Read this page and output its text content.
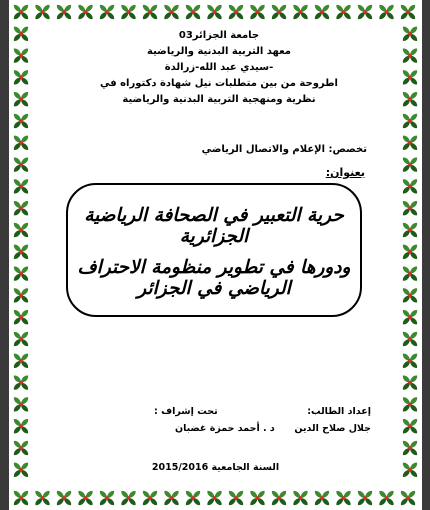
جامعة الجزائر03
معهد التربية البدنية والرياضية
سيدي عبد الله-زرالدة-
اطروحة من بين متطلبات نيل شهادة دكتوراه في
نظرية ومنهجية التربية البدنية والرياضية
تخصص: الإعلام والاتصال الرياضي
بعنوان:
حرية التعبير في الصحافة الرياضية الجزائرية
ودورها في تطوير منظومة الاحتراف الرياضي في الجزائر
إعداد الطالب:
جلال صلاح الدين
تحت إشراف :
د . أحمد حمزة غضبان
السنة الجامعية 2015/2016
